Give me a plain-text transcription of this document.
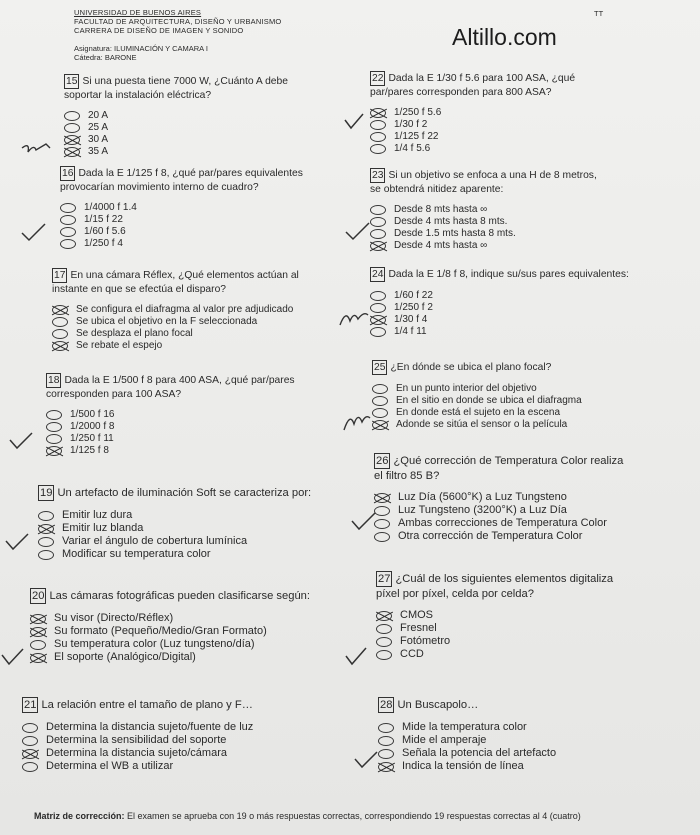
UNIVERSIDAD DE BUENOS AIRES
FACULTAD DE ARQUITECTURA, DISEÑO Y URBANISMO
CARRERA DE DISEÑO DE IMAGEN Y SONIDO
Asignatura: ILUMINACIÓN Y CAMARA I
Cátedra: BARONE
TT
Altillo.com
15 Si una puesta tiene 7000 W, ¿Cuánto A debe
soportar la instalación eléctrica?
20 A
25 A
30 A
35 A
16 Dada la E 1/125 f 8, ¿qué par/pares equivalentes
provocarían movimiento interno de cuadro?
1/4000 f 1.4
1/15 f 22
1/60 f 5.6
1/250 f 4
17 En una cámara Réflex, ¿Qué elementos actúan al
instante en que se efectúa el disparo?
Se configura el diafragma al valor pre adjudicado
Se ubica el objetivo en la F seleccionada
Se desplaza el plano focal
Se rebate el espejo
18 Dada la E 1/500 f 8 para 400 ASA, ¿qué par/pares
corresponden para 100 ASA?
1/500 f 16
1/2000 f 8
1/250 f 11
1/125 f 8
19 Un artefacto de iluminación Soft se caracteriza por:
Emitir luz dura
Emitir luz blanda
Variar el ángulo de cobertura lumínica
Modificar su temperatura color
20 Las cámaras fotográficas pueden clasificarse según:
Su visor (Directo/Réflex)
Su formato (Pequeño/Medio/Gran Formato)
Su temperatura color (Luz tungsteno/día)
El soporte (Analógico/Digital)
21 La relación entre el tamaño de plano y F…
Determina la distancia sujeto/fuente de luz
Determina la sensibilidad del soporte
Determina la distancia sujeto/cámara
Determina el WB a utilizar
22 Dada la E 1/30 f 5.6 para 100 ASA, ¿qué
par/pares corresponden para 800 ASA?
1/250 f 5.6
1/30 f 2
1/125 f 22
1/4 f 5.6
23 Si un objetivo se enfoca a una H de 8 metros,
se obtendrá nitidez aparente:
Desde 8 mts hasta ∞
Desde 4 mts hasta 8 mts.
Desde 1.5 mts hasta 8 mts.
Desde 4 mts hasta ∞
24 Dada la E 1/8 f 8, indique su/sus pares equivalentes:
1/60 f 22
1/250 f 2
1/30 f 4
1/4 f 11
25 ¿En dónde se ubica el plano focal?
En un punto interior del objetivo
En el sitio en donde se ubica el diafragma
En donde está el sujeto en la escena
Adonde se sitúa el sensor o la película
26 ¿Qué corrección de Temperatura Color realiza
el filtro 85 B?
Luz Día (5600°K) a Luz Tungsteno
Luz Tungsteno (3200°K) a Luz Día
Ambas correcciones de Temperatura Color
Otra corrección de Temperatura Color
27 ¿Cuál de los siguientes elementos digitaliza
píxel por píxel, celda por celda?
CMOS
Fresnel
Fotómetro
CCD
28 Un Buscapolo…
Mide la temperatura color
Mide el amperaje
Señala la potencia del artefacto
Indica la tensión de línea
Matriz de corrección: El examen se aprueba con 19 o más respuestas correctas, correspondiendo 19 respuestas correctas al 4 (cuatro)
